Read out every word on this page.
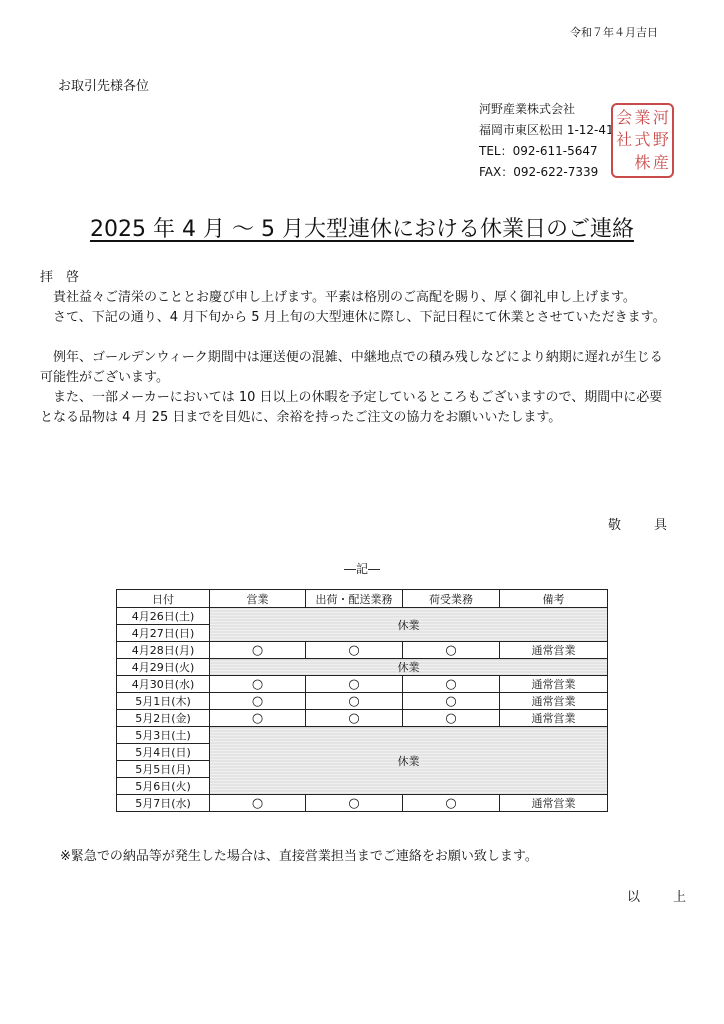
令和７年４月吉日
お取引先様各位
河野産業株式会社
福岡市東区松田 1-12-41
TEL：092-611-5647
FAX：092-622-7339
会 業 河
社 式 野
株 産
2025 年 4 月 ～ 5 月大型連休における休業日のご連絡

拝　啓

　貴社益々ご清栄のこととお慶び申し上げます。平素は格別のご高配を賜り、厚く御礼申し上げます。

　さて、下記の通り、4 月下旬から 5 月上旬の大型連休に際し、下記日程にて休業とさせていただきます。

　例年、ゴールデンウィーク期間中は運送便の混雑、中継地点での積み残しなどにより納期に遅れが生じる可能性がございます。

　また、一部メーカーにおいては 10 日以上の休暇を予定しているところもございますので、期間中に必要となる品物は 4 月 25 日までを目処に、余裕を持ったご注文の協力をお願いいたします。

敬　具
―記―
日付	営業	出荷・配送業務	荷受業務	備考
4月26日(土)	休業			
4月27日(日)				
4月28日(月)	○	○	○	通常営業
4月29日(火)	休業			
4月30日(水)	○	○	○	通常営業
5月1日(木)	○	○	○	通常営業
5月2日(金)	○	○	○	通常営業
5月3日(土)	休業			
5月4日(日)				
5月5日(月)				
5月6日(火)				
5月7日(水)	○	○	○	通常営業
※緊急での納品等が発生した場合は、直接営業担当までご連絡をお願い致します。
以　上
